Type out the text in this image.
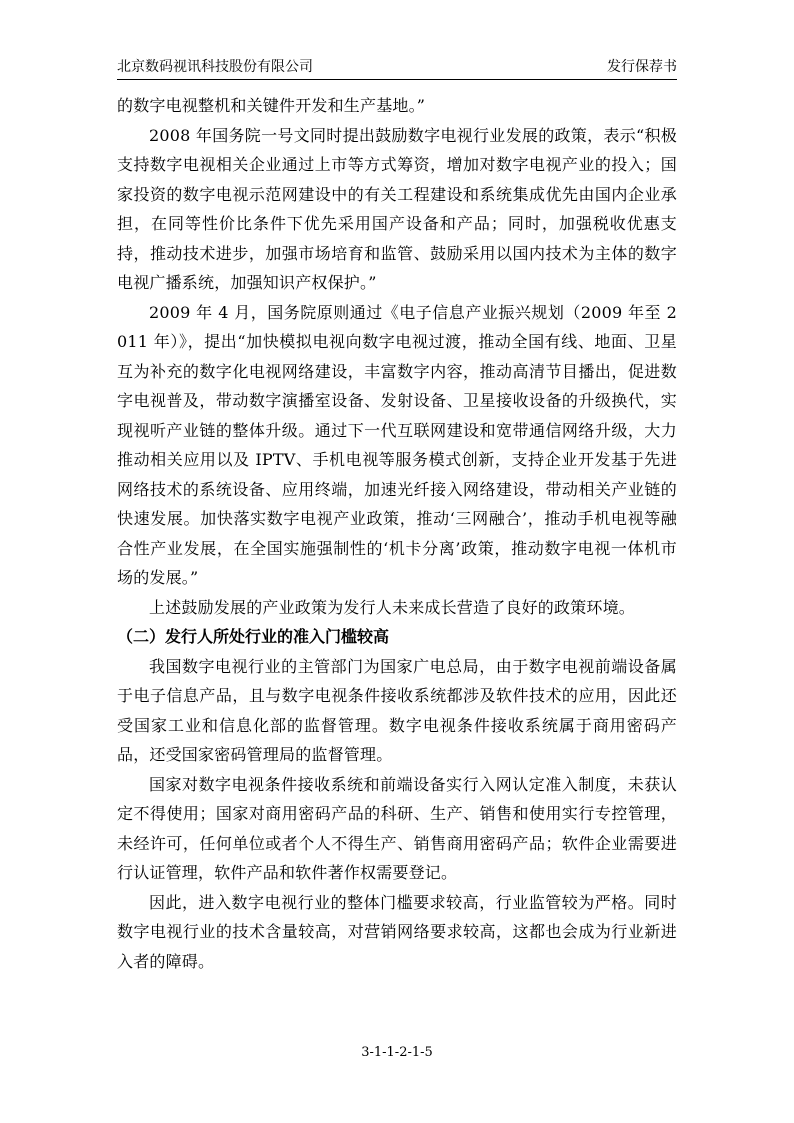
北京数码视讯科技股份有限公司	发行保荐书

的数字电视整机和关键件开发和生产基地。”

2008 年国务院一号文同时提出鼓励数字电视行业发展的政策，表示“积极支持数字电视相关企业通过上市等方式筹资，增加对数字电视产业的投入；国家投资的数字电视示范网建设中的有关工程建设和系统集成优先由国内企业承担，在同等性价比条件下优先采用国产设备和产品；同时，加强税收优惠支持，推动技术进步，加强市场培育和监管、鼓励采用以国内技术为主体的数字电视广播系统，加强知识产权保护。”

2009 年 4 月，国务院原则通过《电子信息产业振兴规划（2009 年至 2011 年）》，提出“加快模拟电视向数字电视过渡，推动全国有线、地面、卫星互为补充的数字化电视网络建设，丰富数字内容，推动高清节目播出，促进数字电视普及，带动数字演播室设备、发射设备、卫星接收设备的升级换代，实现视听产业链的整体升级。通过下一代互联网建设和宽带通信网络升级，大力推动相关应用以及 IPTV、手机电视等服务模式创新，支持企业开发基于先进网络技术的系统设备、应用终端，加速光纤接入网络建设，带动相关产业链的快速发展。加快落实数字电视产业政策，推动‘三网融合’，推动手机电视等融合性产业发展，在全国实施强制性的‘机卡分离’政策，推动数字电视一体机市场的发展。”

上述鼓励发展的产业政策为发行人未来成长营造了良好的政策环境。

（二）发行人所处行业的准入门槛较高

我国数字电视行业的主管部门为国家广电总局，由于数字电视前端设备属于电子信息产品，且与数字电视条件接收系统都涉及软件技术的应用，因此还受国家工业和信息化部的监督管理。数字电视条件接收系统属于商用密码产品，还受国家密码管理局的监督管理。

国家对数字电视条件接收系统和前端设备实行入网认定准入制度，未获认定不得使用；国家对商用密码产品的科研、生产、销售和使用实行专控管理，未经许可，任何单位或者个人不得生产、销售商用密码产品；软件企业需要进行认证管理，软件产品和软件著作权需要登记。

因此，进入数字电视行业的整体门槛要求较高，行业监管较为严格。同时数字电视行业的技术含量较高，对营销网络要求较高，这都也会成为行业新进入者的障碍。

3-1-1-2-1-5
